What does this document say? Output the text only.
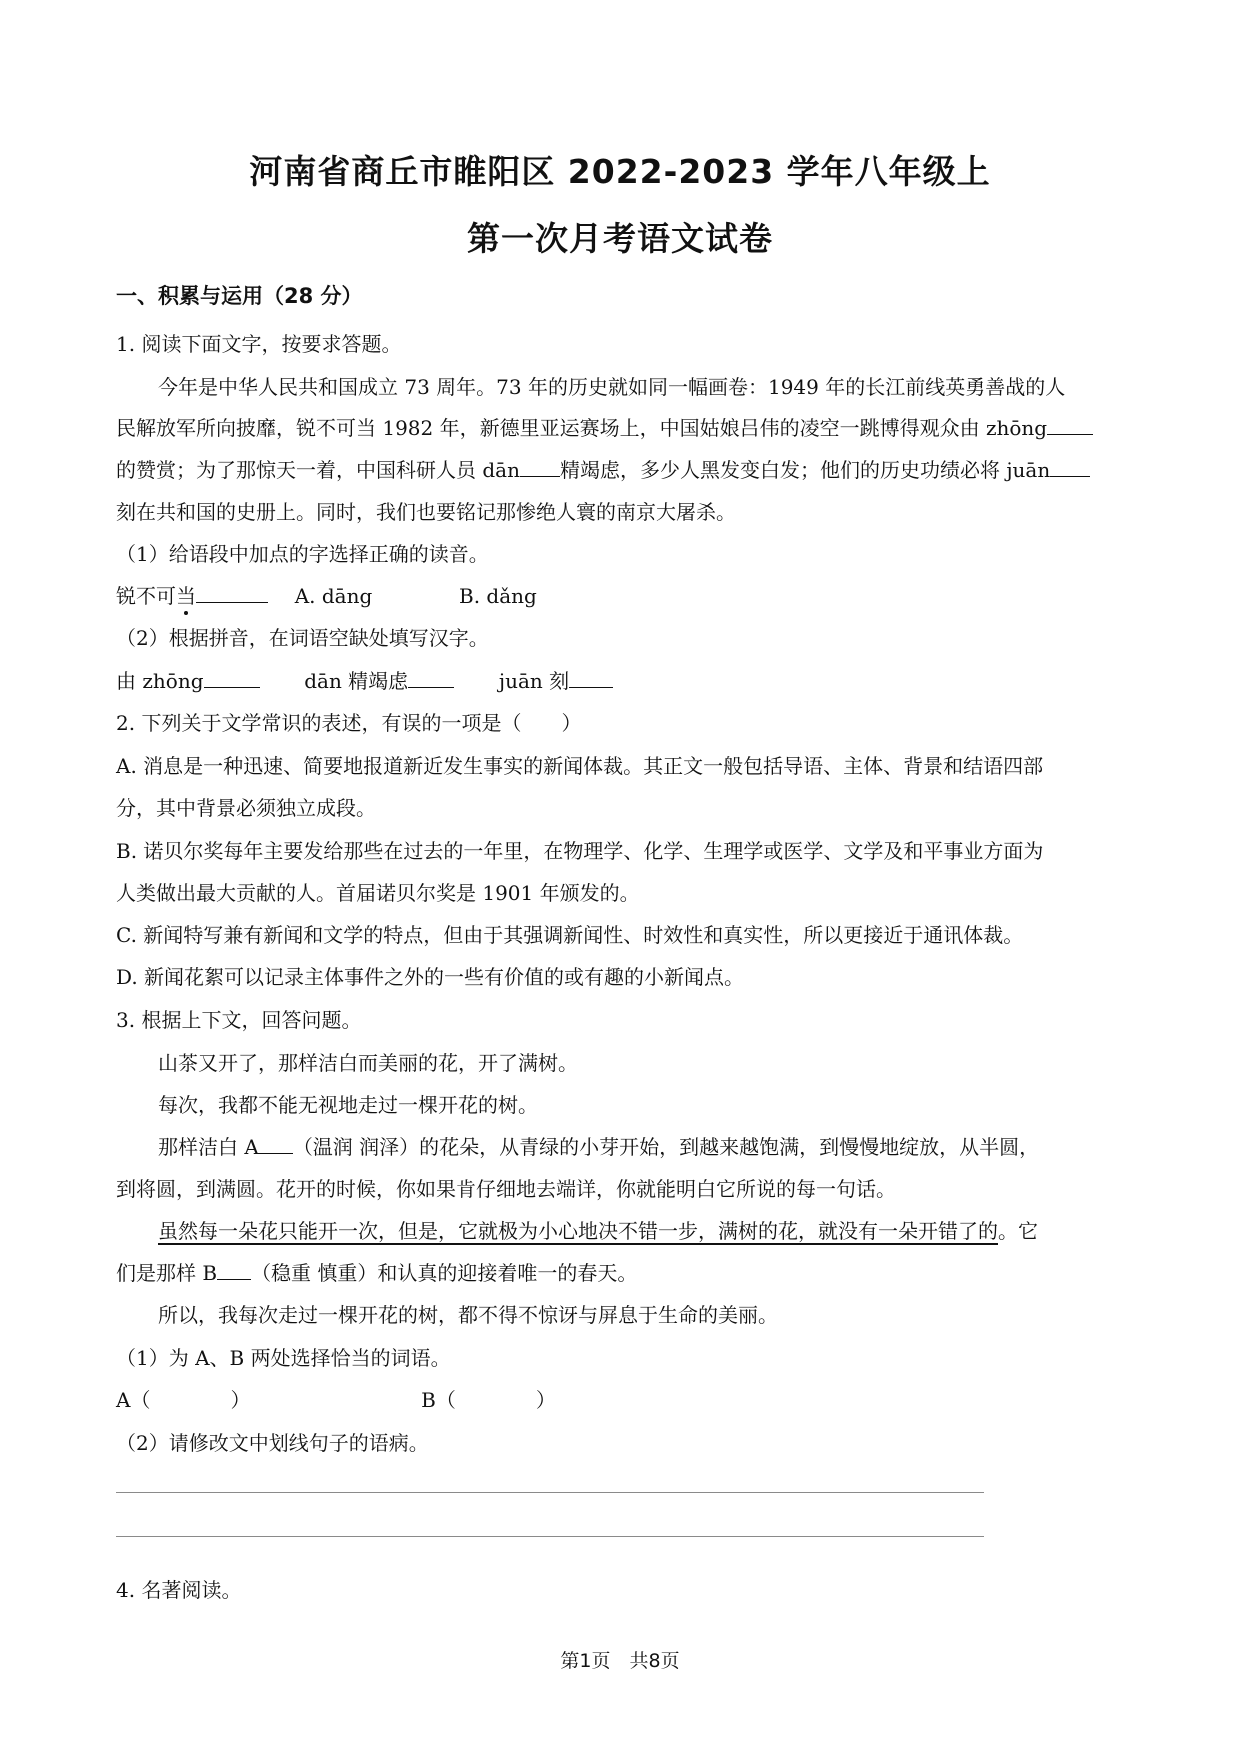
河南省商丘市睢阳区 2022-2023 学年八年级上
第一次月考语文试卷
一、积累与运用（28 分）
1. 阅读下面文字，按要求答题。
今年是中华人民共和国成立 73 周年。73 年的历史就如同一幅画卷：1949 年的长江前线英勇善战的人
民解放军所向披靡，锐不可当 1982 年，新德里亚运赛场上，中国姑娘吕伟的凌空一跳博得观众由 zhōng
的赞赏；为了那惊天一着，中国科研人员 dān 精竭虑，多少人黑发变白发；他们的历史功绩必将 juān
刻在共和国的史册上。同时，我们也要铭记那惨绝人寰的南京大屠杀。
（1）给语段中加点的字选择正确的读音。
锐不可当	A. dāng	B. dǎng
（2）根据拼音，在词语空缺处填写汉字。
由 zhōng	dān 精竭虑	juān 刻
2. 下列关于文学常识的表述，有误的一项是（　　）
A. 消息是一种迅速、简要地报道新近发生事实的新闻体裁。其正文一般包括导语、主体、背景和结语四部
分，其中背景必须独立成段。
B. 诺贝尔奖每年主要发给那些在过去的一年里，在物理学、化学、生理学或医学、文学及和平事业方面为
人类做出最大贡献的人。首届诺贝尔奖是 1901 年颁发的。
C. 新闻特写兼有新闻和文学的特点，但由于其强调新闻性、时效性和真实性，所以更接近于通讯体裁。
D. 新闻花絮可以记录主体事件之外的一些有价值的或有趣的小新闻点。
3. 根据上下文，回答问题。
山茶又开了，那样洁白而美丽的花，开了满树。
每次，我都不能无视地走过一棵开花的树。
那样洁白 A （温润 润泽）的花朵，从青绿的小芽开始，到越来越饱满，到慢慢地绽放，从半圆，
到将圆，到满圆。花开的时候，你如果肯仔细地去端详，你就能明白它所说的每一句话。
虽然每一朵花只能开一次，但是，它就极为小心地决不错一步，满树的花，就没有一朵开错了的。它
们是那样 B （稳重 慎重）和认真的迎接着唯一的春天。
所以，我每次走过一棵开花的树，都不得不惊讶与屏息于生命的美丽。
（1）为 A、B 两处选择恰当的词语。
A（　　　　）	B（　　　　）
（2）请修改文中划线句子的语病。
4. 名著阅读。
第1页　共8页
